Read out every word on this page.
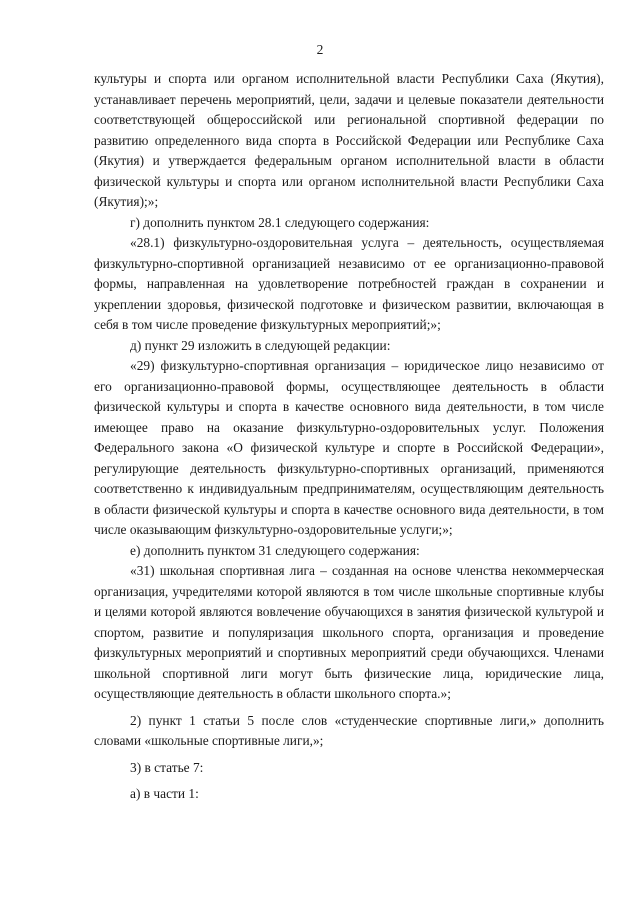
2

культуры и спорта или органом исполнительной власти Республики Саха (Якутия), устанавливает перечень мероприятий, цели, задачи и целевые показатели деятельности соответствующей общероссийской или региональной спортивной федерации по развитию определенного вида спорта в Российской Федерации или Республике Саха (Якутия) и утверждается федеральным органом исполнительной власти в области физической культуры и спорта или органом исполнительной власти Республики Саха (Якутия);»;

г) дополнить пунктом 28.1 следующего содержания:

«28.1) физкультурно-оздоровительная услуга – деятельность, осуществляемая физкультурно-спортивной организацией независимо от ее организационно-правовой формы, направленная на удовлетворение потребностей граждан в сохранении и укреплении здоровья, физической подготовке и физическом развитии, включающая в себя в том числе проведение физкультурных мероприятий;»;

д) пункт 29 изложить в следующей редакции:

«29) физкультурно-спортивная организация – юридическое лицо независимо от его организационно-правовой формы, осуществляющее деятельность в области физической культуры и спорта в качестве основного вида деятельности, в том числе имеющее право на оказание физкультурно-оздоровительных услуг. Положения Федерального закона «О физической культуре и спорте в Российской Федерации», регулирующие деятельность физкультурно-спортивных организаций, применяются соответственно к индивидуальным предпринимателям, осуществляющим деятельность в области физической культуры и спорта в качестве основного вида деятельности, в том числе оказывающим физкультурно-оздоровительные услуги;»;

е) дополнить пунктом 31 следующего содержания:

«31) школьная спортивная лига – созданная на основе членства некоммерческая организация, учредителями которой являются в том числе школьные спортивные клубы и целями которой являются вовлечение обучающихся в занятия физической культурой и спортом, развитие и популяризация школьного спорта, организация и проведение физкультурных мероприятий и спортивных мероприятий среди обучающихся. Членами школьной спортивной лиги могут быть физические лица, юридические лица, осуществляющие деятельность в области школьного спорта.»;

2) пункт 1 статьи 5 после слов «студенческие спортивные лиги,» дополнить словами «школьные спортивные лиги,»;

3) в статье 7:

а) в части 1:
